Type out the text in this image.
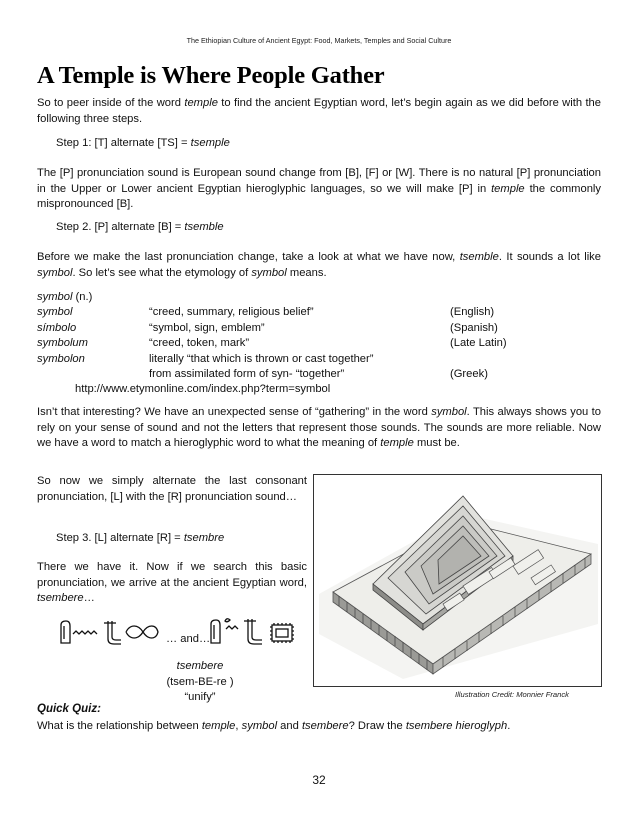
The Ethiopian Culture of Ancient Egypt: Food, Markets, Temples and Social Culture
A Temple is Where People Gather
So to peer inside of the word temple to find the ancient Egyptian word, let’s begin again as we did before with the following three steps.
Step 1: [T] alternate [TS] = tsemple
The [P] pronunciation sound is European sound change from [B], [F] or [W]. There is no natural [P] pronunciation in the Upper or Lower ancient Egyptian hieroglyphic languages, so we will make [P] in temple the commonly mispronounced [B].
Step 2. [P] alternate [B] = tsemble
Before we make the last pronunciation change, take a look at what we have now, tsemble. It sounds a lot like symbol. So let’s see what the etymology of symbol means.
symbol (n.)
symbol	“creed, summary, religious belief”	(English)
símbolo	“symbol, sign, emblem”	(Spanish)
symbolum	“creed, token, mark”	(Late Latin)
symbolon	literally “that which is thrown or cast together”
from assimilated form of syn- “together”	(Greek)
http://www.etymonline.com/index.php?term=symbol
Isn’t that interesting? We have an unexpected sense of “gathering” in the word symbol. This always shows you to rely on your sense of sound and not the letters that represent those sounds. The sounds are more reliable. Now we have a word to match a hieroglyphic word to what the meaning of temple must be.
So now we simply alternate the last consonant pronunciation, [L] with the [R] pronunciation sound…
Step 3. [L] alternate [R] = tsembre
There we have it. Now if we search this basic pronunciation, we arrive at the ancient Egyptian word, tsembere…
… and…
tsembere
(tsem-BE-re )
“unify”	Illustration Credit: Monnier Franck
Quick Quiz:
What is the relationship between temple, symbol and tsembere? Draw the tsembere hieroglyph.
32
